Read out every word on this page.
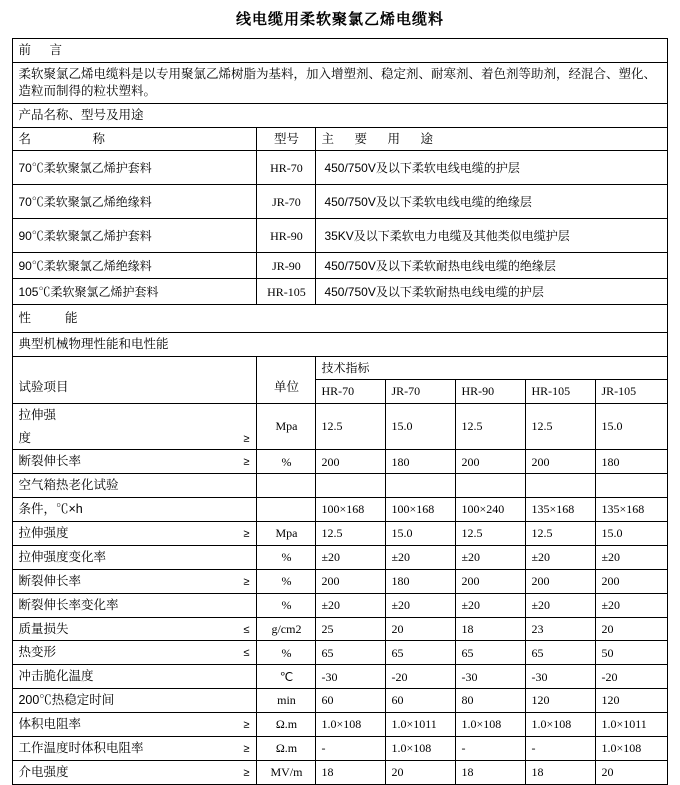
线电缆用柔软聚氯乙烯电缆料
前　言						
柔软聚氯乙烯电缆料是以专用聚氯乙烯树脂为基料，加入增塑剂、稳定剂、耐寒剂、着色剂等助剂，经混合、塑化、造粒而制得的粒状塑料。						
产品名称、型号及用途						
名　　　称	型号	主　要　用　途				
70℃柔软聚氯乙烯护套料	HR-70	450/750V及以下柔软电线电缆的护层				
70℃柔软聚氯乙烯绝缘料	JR-70	450/750V及以下柔软电线电缆的绝缘层				
90℃柔软聚氯乙烯护套料	HR-90	35KV及以下柔软电力电缆及其他类似电缆护层				
90℃柔软聚氯乙烯绝缘料	JR-90	450/750V及以下柔软耐热电线电缆的绝缘层				
105℃柔软聚氯乙烯护套料	HR-105	450/750V及以下柔软耐热电线电缆的护层				
性　　能						
典型机械物理性能和电性能						

试验项目	单位	技术指标				
		HR-70	JR-70	HR-90	HR-105	JR-105
拉伸强	Mpa	12.5	15.0	12.5	12.5	15.0

度 ≥						

断裂伸长率 ≥	%	200	180	200	200	180
空气箱热老化试验						
条件，℃×h		100×168	100×168	100×240	135×168	135×168

拉伸强度 ≥	Mpa	12.5	15.0	12.5	12.5	15.0
拉伸强度变化率	%	±20	±20	±20	±20	±20

断裂伸长率 ≥	%	200	180	200	200	200
断裂伸长率变化率	%	±20	±20	±20	±20	±20

质量损失 ≤	g/cm2	25	20	18	23	20

热变形 ≤	%	65	65	65	65	50
冲击脆化温度	℃	-30	-20	-30	-30	-20
200℃热稳定时间	min	60	60	80	120	120

体积电阻率 ≥	Ω.m	1.0×108	1.0×1011	1.0×108	1.0×108	1.0×1011

工作温度时体积电阻率 ≥	Ω.m	-	1.0×108	-	-	1.0×108

介电强度 ≥	MV/m	18	20	18	18	20
